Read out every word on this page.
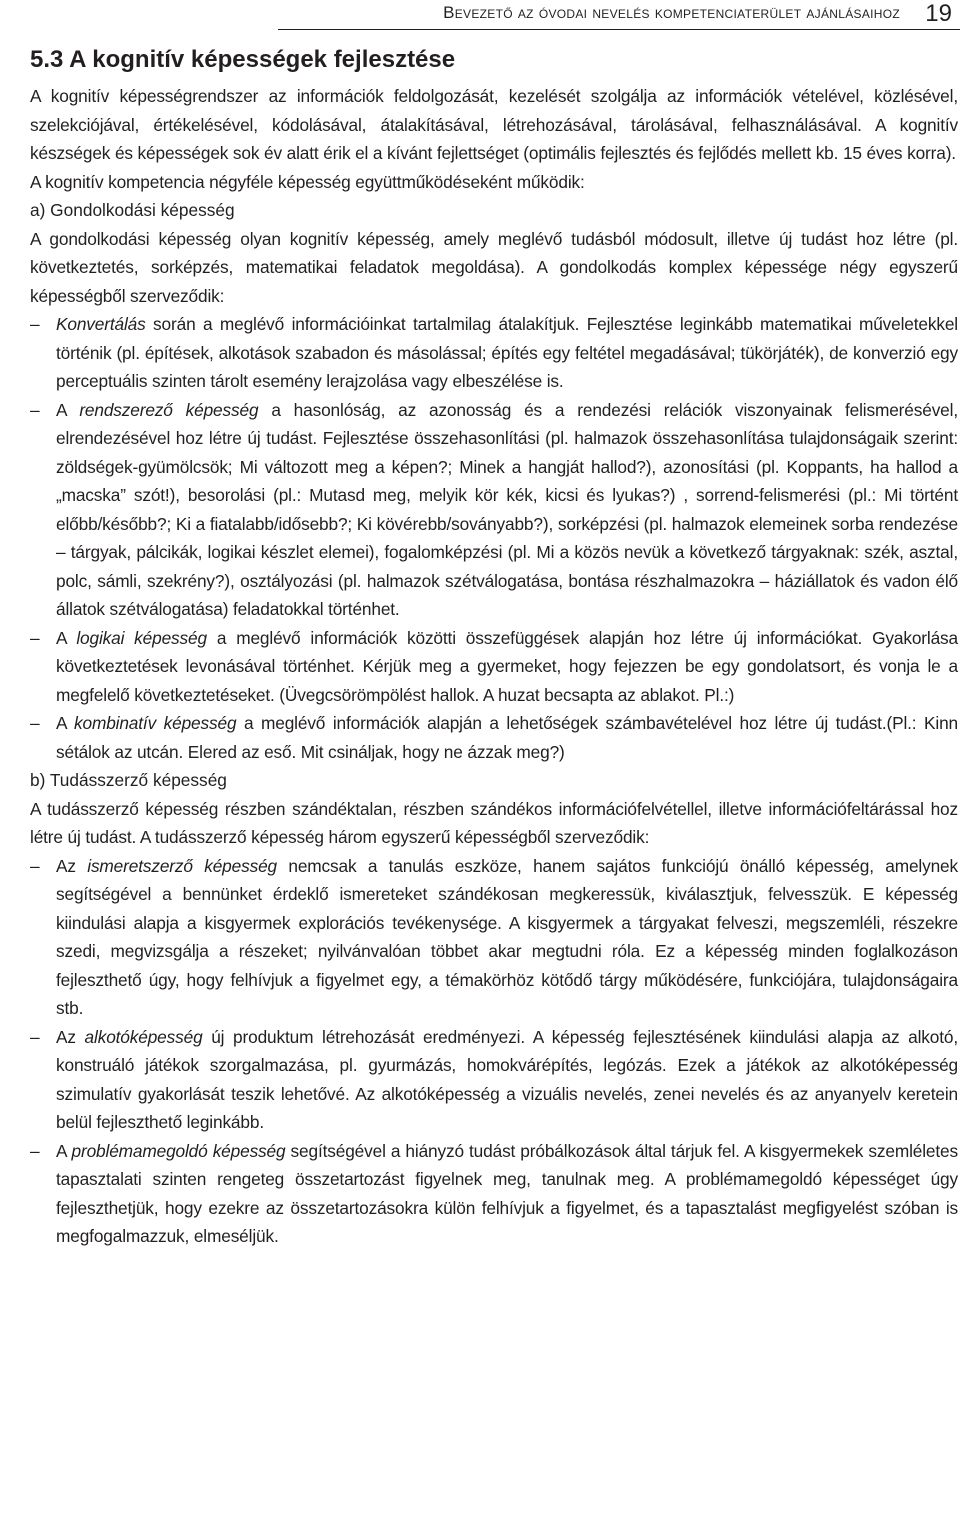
Bevezető az óvodai nevelés kompetenciaterület ajánlásaihoz 19
5.3 A kognitív képességek fejlesztése

A kognitív képességrendszer az információk feldolgozását, kezelését szolgálja az információk vételével, közlésével, szelekciójával, értékelésével, kódolásával, átalakításával, létrehozásával, tárolásával, felhasználásával. A kognitív készségek és képességek sok év alatt érik el a kívánt fejlettséget (optimális fejlesztés és fejlődés mellett kb. 15 éves korra).

A kognitív kompetencia négyféle képesség együttműködéseként működik:

a) Gondolkodási képesség

A gondolkodási képesség olyan kognitív képesség, amely meglévő tudásból módosult, illetve új tudást hoz létre (pl. következtetés, sorképzés, matematikai feladatok megoldása). A gondolkodás komplex képessége négy egyszerű képességből szerveződik:

– Konvertálás során a meglévő információinkat tartalmilag átalakítjuk. Fejlesztése leginkább matematikai műveletekkel történik (pl. építések, alkotások szabadon és másolással; építés egy feltétel megadásával; tükörjáték), de konverzió egy perceptuális szinten tárolt esemény lerajzolása vagy elbeszélése is.
– A rendszerező képesség a hasonlóság, az azonosság és a rendezési relációk viszonyainak felismerésével, elrendezésével hoz létre új tudást. Fejlesztése összehasonlítási (pl. halmazok összehasonlítása tulajdonságaik szerint: zöldségek-gyümölcsök; Mi változott meg a képen?; Minek a hangját hallod?), azonosítási (pl. Koppants, ha hallod a „macska” szót!), besorolási (pl.: Mutasd meg, melyik kör kék, kicsi és lyukas?) , sorrend-felismerési (pl.: Mi történt előbb/később?; Ki a fiatalabb/idősebb?; Ki kövérebb/soványabb?), sorképzési (pl. halmazok elemeinek sorba rendezése – tárgyak, pálcikák, logikai készlet elemei), fogalomképzési (pl. Mi a közös nevük a következő tárgyaknak: szék, asztal, polc, sámli, szekrény?), osztályozási (pl. halmazok szétválogatása, bontása részhalmazokra – háziállatok és vadon élő állatok szétválogatása) feladatokkal történhet.
– A logikai képesség a meglévő információk közötti összefüggések alapján hoz létre új információkat. Gyakorlása következtetések levonásával történhet. Kérjük meg a gyermeket, hogy fejezzen be egy gondolatsort, és vonja le a megfelelő következtetéseket. (Üvegcsörömpölést hallok. A huzat becsapta az ablakot. Pl.:)
– A kombinatív képesség a meglévő információk alapján a lehetőségek számbavételével hoz létre új tudást.(Pl.: Kinn sétálok az utcán. Elered az eső. Mit csináljak, hogy ne ázzak meg?)
b) Tudásszerző képesség

A tudásszerző képesség részben szándéktalan, részben szándékos információfelvétellel, illetve információfeltárással hoz létre új tudást. A tudásszerző képesség három egyszerű képességből szerveződik:

– Az ismeretszerző képesség nemcsak a tanulás eszköze, hanem sajátos funkciójú önálló képesség, amelynek segítségével a bennünket érdeklő ismereteket szándékosan megkeressük, kiválasztjuk, felvesszük. E képesség kiindulási alapja a kisgyermek explorációs tevékenysége. A kisgyermek a tárgyakat felveszi, megszemléli, részekre szedi, megvizsgálja a részeket; nyilvánvalóan többet akar megtudni róla. Ez a képesség minden foglalkozáson fejleszthető úgy, hogy felhívjuk a figyelmet egy, a témakörhöz kötődő tárgy működésére, funkciójára, tulajdonságaira stb.
– Az alkotóképesség új produktum létrehozását eredményezi. A képesség fejlesztésének kiindulási alapja az alkotó, konstruáló játékok szorgalmazása, pl. gyurmázás, homokvárépítés, legózás. Ezek a játékok az alkotóképesség szimulatív gyakorlását teszik lehetővé. Az alkotóképesség a vizuális nevelés, zenei nevelés és az anyanyelv keretein belül fejleszthető leginkább.
– A problémamegoldó képesség segítségével a hiányzó tudást próbálkozások által tárjuk fel. A kisgyermekek szemléletes tapasztalati szinten rengeteg összetartozást figyelnek meg, tanulnak meg. A problémamegoldó képességet úgy fejleszthetjük, hogy ezekre az összetartozásokra külön felhívjuk a figyelmet, és a tapasztalást megfigyelést szóban is megfogalmazzuk, elmeséljük.
